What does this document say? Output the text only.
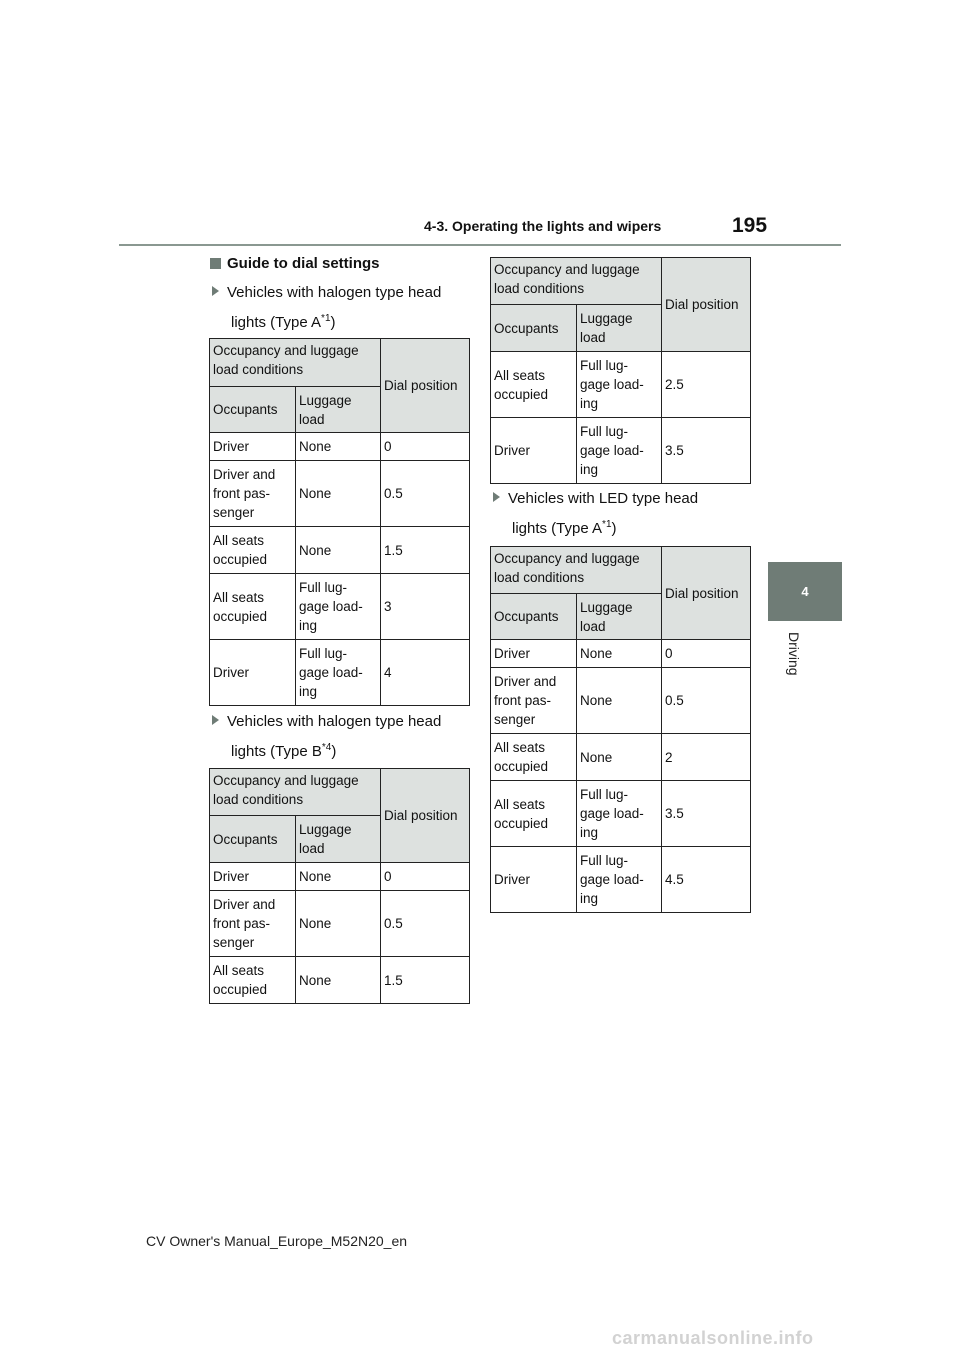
4-3. Operating the lights and wipers	195
4
Driving
Guide to dial settings
Vehicles with halogen type head
lights (Type $A^{*1}$)
Occupancy and luggage load conditions		Dial position
Occupants	Luggage load	
Driver	None	0
Driver and front pas- senger	None	0.5
All seats occupied	None	1.5
All seats occupied	Full lug- gage load- ing	3
Driver	Full lug- gage load- ing	4
Vehicles with halogen type head
lights (Type $B^{*4}$)
Occupancy and luggage load conditions		Dial position
Occupants	Luggage load	
Driver	None	0
Driver and front pas- senger	None	0.5
All seats occupied	None	1.5
Occupancy and luggage load conditions		Dial position
Occupants	Luggage load	
All seats occupied	Full lug- gage load- ing	2.5
Driver	Full lug- gage load- ing	3.5
Vehicles with LED type head
lights (Type $A^{*1}$)
Occupancy and luggage load conditions		Dial position
Occupants	Luggage load	
Driver	None	0
Driver and front pas- senger	None	0.5
All seats occupied	None	2
All seats occupied	Full lug- gage load- ing	3.5
Driver	Full lug- gage load- ing	4.5
CV Owner's Manual_Europe_M52N20_en
carmanualsonline.info
